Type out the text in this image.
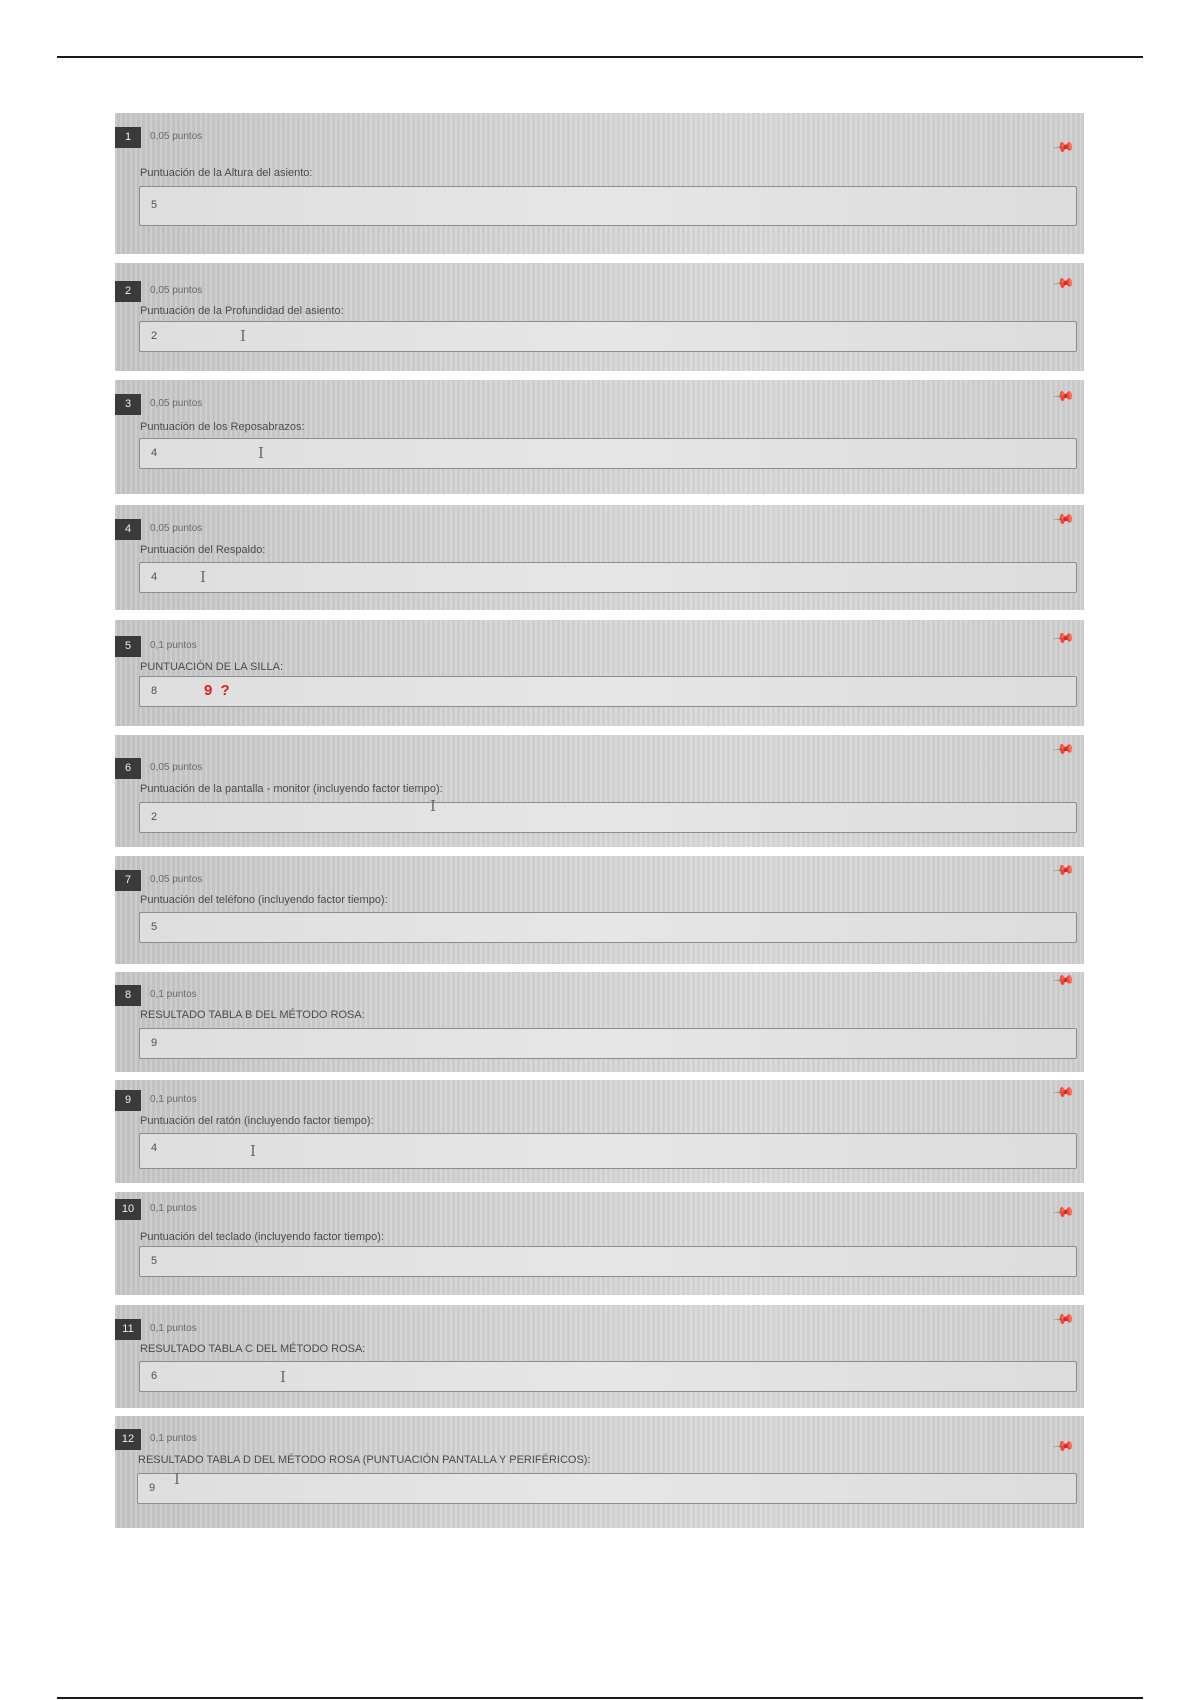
1	0,05 puntos	📌
Puntuación de la Altura del asiento:
5
2	0,05 puntos	📌
Puntuación de la Profundidad del asiento:
2	I
3	0,05 puntos	📌
Puntuación de los Reposabrazos:
4	I
4	0,05 puntos	📌
Puntuación del Respaldo:
4	I
5	0,1 puntos	📌
PUNTUACIÓN DE LA SILLA:
8	9 ?
6	0,05 puntos
📌
Puntuación de la pantalla - monitor (incluyendo factor tiempo):
2
I
7	0,05 puntos	📌
Puntuación del teléfono (incluyendo factor tiempo):
5
8	0,1 puntos
📌
RESULTADO TABLA B DEL MÉTODO ROSA:
9
9	0,1 puntos	📌
Puntuación del ratón (incluyendo factor tiempo):
4	I
10	0,1 puntos	📌
Puntuación del teclado (incluyendo factor tiempo):
5
11	0,1 puntos	📌
RESULTADO TABLA C DEL MÉTODO ROSA:
6	I
12	0,1 puntos	📌
RESULTADO TABLA D DEL MÉTODO ROSA (PUNTUACIÓN PANTALLA Y PERIFÉRICOS):
9 I
